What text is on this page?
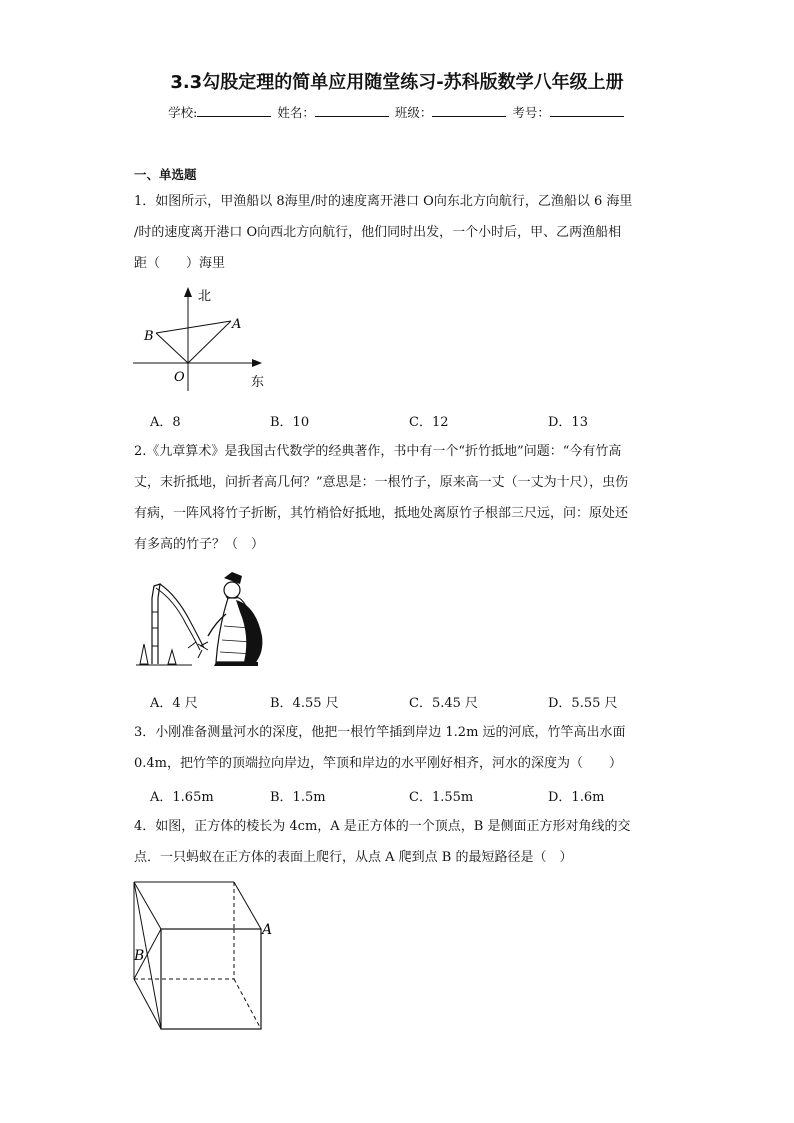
3.3勾股定理的简单应用随堂练习-苏科版数学八年级上册
学校:	姓名：	班级：	考号：
一、单选题
1．如图所示，甲渔船以 8海里/时的速度离开港口 O向东北方向航行，乙渔船以 6 海里
/时的速度离开港口 O向西北方向航行，他们同时出发，一个小时后，甲、乙两渔船相
距（　　）海里
北
东
O
A
B
A．8	B．10	C．12	D．13
2.《九章算术》是我国古代数学的经典著作，书中有一个“折竹抵地”问题：“今有竹高
丈，末折抵地，问折者高几何？”意思是：一根竹子，原来高一丈（一丈为十尺），虫伤
有病，一阵风将竹子折断，其竹梢恰好抵地，抵地处离原竹子根部三尺远，问：原处还
有多高的竹子？（　）
A．4 尺	B．4.55 尺	C．5.45 尺	D．5.55 尺
3．小刚准备测量河水的深度，他把一根竹竿插到岸边 1.2m 远的河底，竹竿高出水面
0.4m，把竹竿的顶端拉向岸边，竿顶和岸边的水平刚好相齐，河水的深度为（　　）
A．1.65m	B．1.5m	C．1.55m	D．1.6m
4．如图，正方体的棱长为 4cm，A 是正方体的一个顶点，B 是侧面正方形对角线的交
点．一只蚂蚁在正方体的表面上爬行，从点 A 爬到点 B 的最短路径是（　）
A
B
